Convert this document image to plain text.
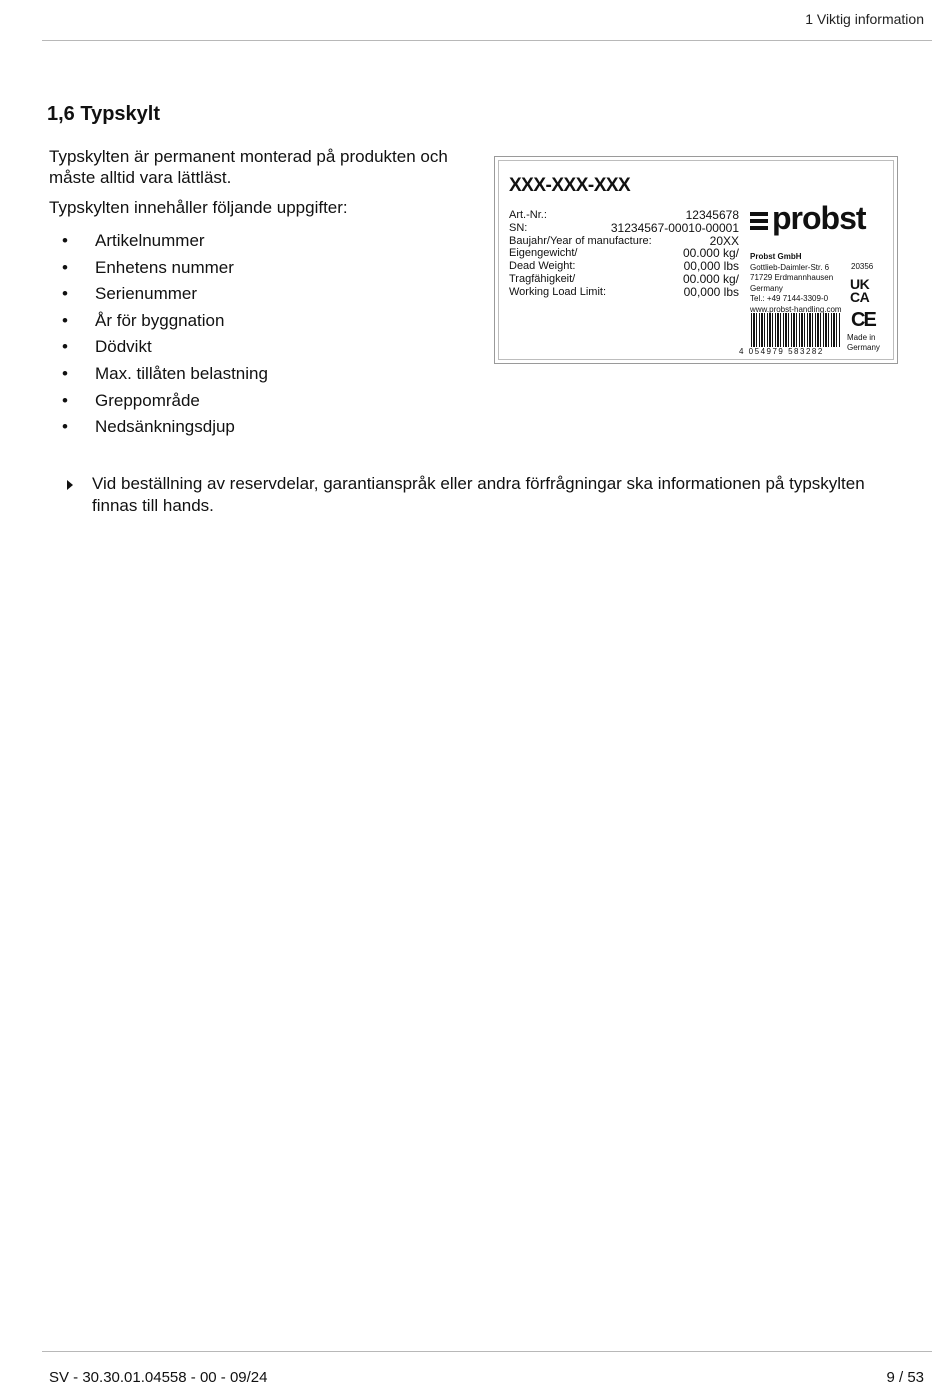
1 Viktig information
1,6 Typskylt

Typskylten är permanent monterad på produkten och måste alltid vara lättläst.

Typskylten innehåller följande uppgifter:

• Artikelnummer
• Enhetens nummer
• Serienummer
• År för byggnation
• Dödvikt
• Max. tillåten belastning
• Greppområde
• Nedsänkningsdjup
Vid beställning av reservdelar, garantianspråk eller andra förfrågningar ska informationen på typskylten finnas till hands.
XXX-XXX-XXX
Art.-Nr.:	12345678
SN:	31234567-00010-00001
Baujahr/Year of manufacture:	20XX
Eigengewicht/	00.000 kg/
Dead Weight:	00,000 lbs
Tragfähigkeit/	00.000 kg/
Working Load Limit:	00,000 lbs
probst
Probst GmbH
Gottlieb-Daimler-Str. 6
71729 Erdmannhausen
Germany
Tel.: +49 7144-3309-0
www.probst-handling.com
20356
UK
CA
CE
Made in
Germany
4 054979 583282
SV - 30.30.01.04558 - 00 - 09/24	9 / 53
